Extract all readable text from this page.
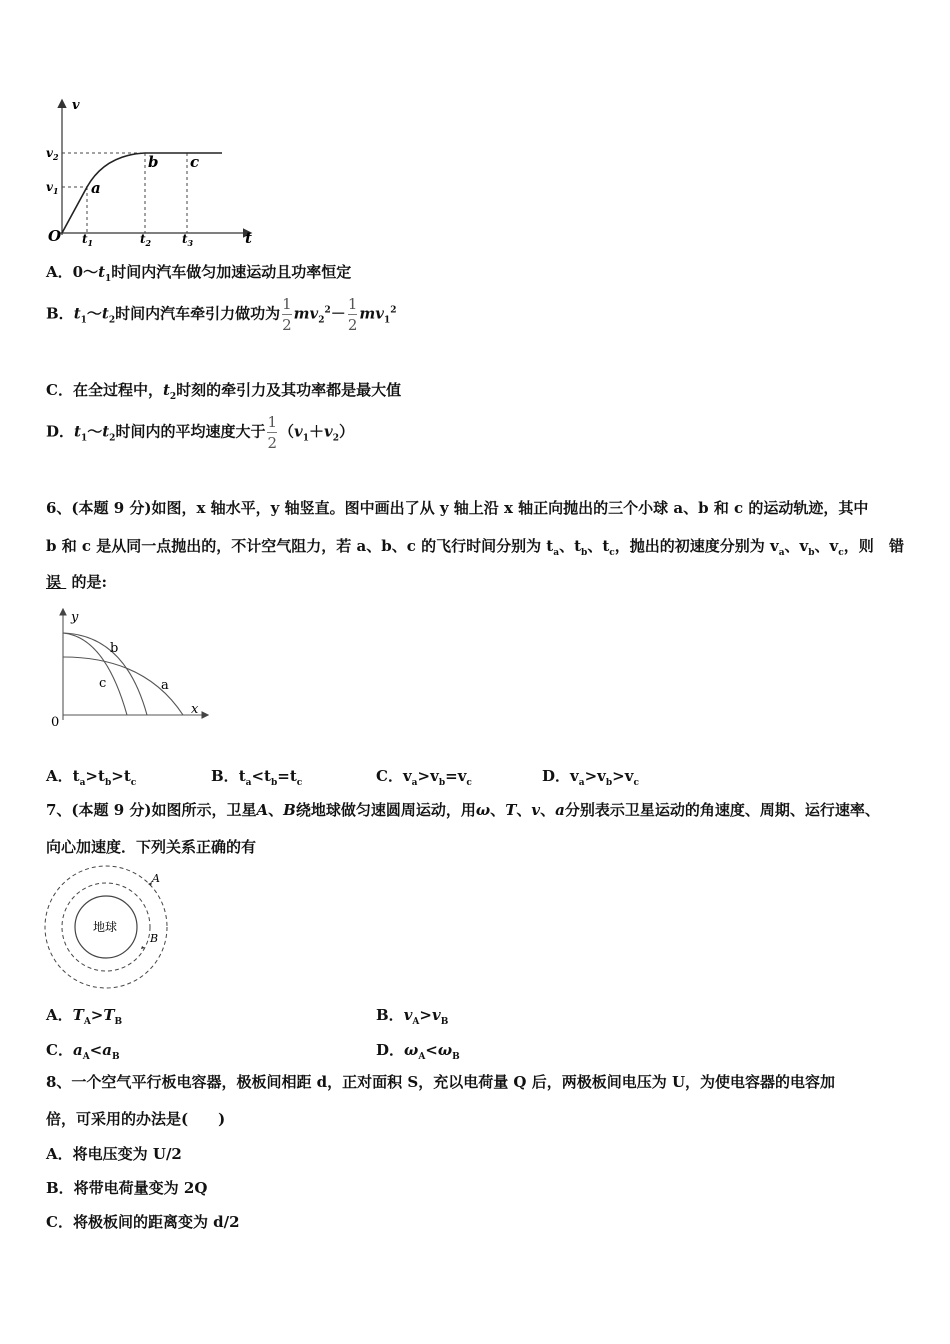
v
t
O
$v_1$
$v_2$
$t_1$	$t_2$	$t_3$
a
b c
A．$0\sim t_1$时间内汽车做匀加速运动且功率恒定
B．$t_1\sim t_2$时间内汽车牵引力做功为 $\frac{1}{2} mv_2^2- \frac{1}{2} mv_1^2$
C．在全过程中，$t_2$时刻的牵引力及其功率都是最大值
D．$t_1\sim t_2$时间内的平均速度大于 $\frac{1}{2} (v_1+v_2)$
6、(本题 9 分)如图，x 轴水平，y 轴竖直。图中画出了从 y 轴上沿 x 轴正向抛出的三个小球 a、b 和 c 的运动轨迹，其中
b 和 c 是从同一点抛出的，不计空气阻力，若 a、b、c 的飞行时间分别为 $t_a$、$t_b$、$t_c$，抛出的初速度分别为 $v_a$、$v_b$、$v_c$，则 错
误 的是:
y
x
0
b
c	a
A．$t_a>t_b>t_c$	B．$t_a<t_b=t_c$	C．$v_a>v_b=v_c$	D．$v_a>v_b>v_c$
7、(本题 9 分)如图所示，卫星A、B绕地球做匀速圆周运动，用ω、T、v、a分别表示卫星运动的角速度、周期、运行速率、
向心加速度．下列关系正确的有
地球
A
B
A．$T_A>T_B$	B．$v_A>v_B$
C．$a_A<a_B$	D．$\omega_A<\omega_B$
8、一个空气平行板电容器，极板间相距 d，正对面积 S，充以电荷量 Q 后，两极板间电压为 U，为使电容器的电容加
倍，可采用的办法是(　　)
A．将电压变为 U/2
B．将带电荷量变为 2Q
C．将极板间的距离变为 d/2
